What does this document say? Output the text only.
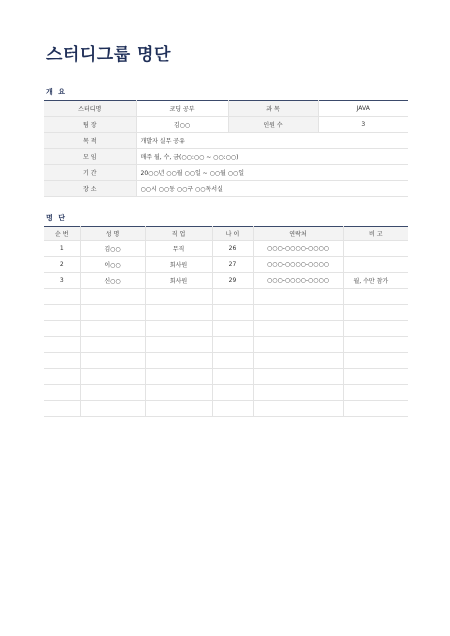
스터디그룹 명단
개 요
스터디명	코딩 공부	과 목	JAVA
팀 장	김○○	인원 수	3
목 적	개발자 실무 공유		
모 임	매주 월, 수, 금(○○:○○ ~ ○○:○○)		
기 간	20○○년 ○○월 ○○일 ~ ○○월 ○○일		
장 소	○○시 ○○동 ○○구 ○○독서실		
명 단
순 번	성 명	직 업	나 이	연락처	비 고
1	김○○	무직	26	○○○-○○○○-○○○○	
2	이○○	회사원	27	○○○-○○○○-○○○○	
3	신○○	회사원	29	○○○-○○○○-○○○○	월, 수만 참가
